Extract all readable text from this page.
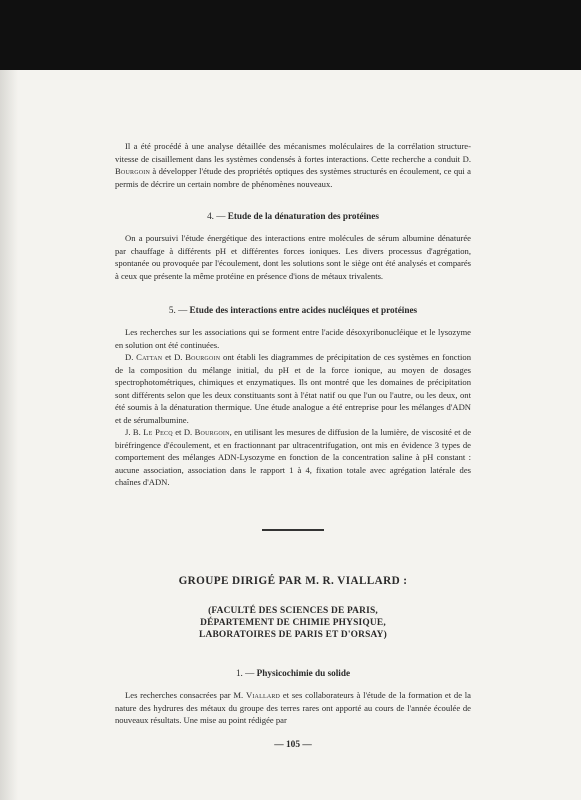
Il a été procédé à une analyse détaillée des mécanismes moléculaires de la corrélation structure-vitesse de cisaillement dans les systèmes condensés à fortes interactions. Cette recherche a conduit D. Bourgoin à développer l'étude des propriétés optiques des systèmes structurés en écoulement, ce qui a permis de décrire un certain nombre de phénomènes nouveaux.

4. — Etude de la dénaturation des protéines

On a poursuivi l'étude énergétique des interactions entre molécules de sérum albumine dénaturée par chauffage à différents pH et différentes forces ioniques. Les divers processus d'agrégation, spontanée ou provoquée par l'écoulement, dont les solutions sont le siège ont été analysés et comparés à ceux que présente la même protéine en présence d'ions de métaux trivalents.

5. — Etude des interactions entre acides nucléiques et protéines

Les recherches sur les associations qui se forment entre l'acide désoxyribonucléique et le lysozyme en solution ont été continuées.

D. Cattan et D. Bourgoin ont établi les diagrammes de précipitation de ces systèmes en fonction de la composition du mélange initial, du pH et de la force ionique, au moyen de dosages spectrophotométriques, chimiques et enzymatiques. Ils ont montré que les domaines de précipitation sont différents selon que les deux constituants sont à l'état natif ou que l'un ou l'autre, ou les deux, ont été soumis à la dénaturation thermique. Une étude analogue a été entreprise pour les mélanges d'ADN et de sérumalbumine.

J. B. Le Pecq et D. Bourgoin, en utilisant les mesures de diffusion de la lumière, de viscosité et de biréfringence d'écoulement, et en fractionnant par ultracentrifugation, ont mis en évidence 3 types de comportement des mélanges ADN-Lysozyme en fonction de la concentration saline à pH constant : aucune association, association dans le rapport 1 à 4, fixation totale avec agrégation latérale des chaînes d'ADN.

GROUPE DIRIGÉ PAR M. R. VIALLARD :
(FACULTÉ DES SCIENCES DE PARIS,
DÉPARTEMENT DE CHIMIE PHYSIQUE,
LABORATOIRES DE PARIS ET D'ORSAY)
1. — Physicochimie du solide

Les recherches consacrées par M. Viallard et ses collaborateurs à l'étude de la formation et de la nature des hydrures des métaux du groupe des terres rares ont apporté au cours de l'année écoulée de nouveaux résultats. Une mise au point rédigée par

— 105 —
